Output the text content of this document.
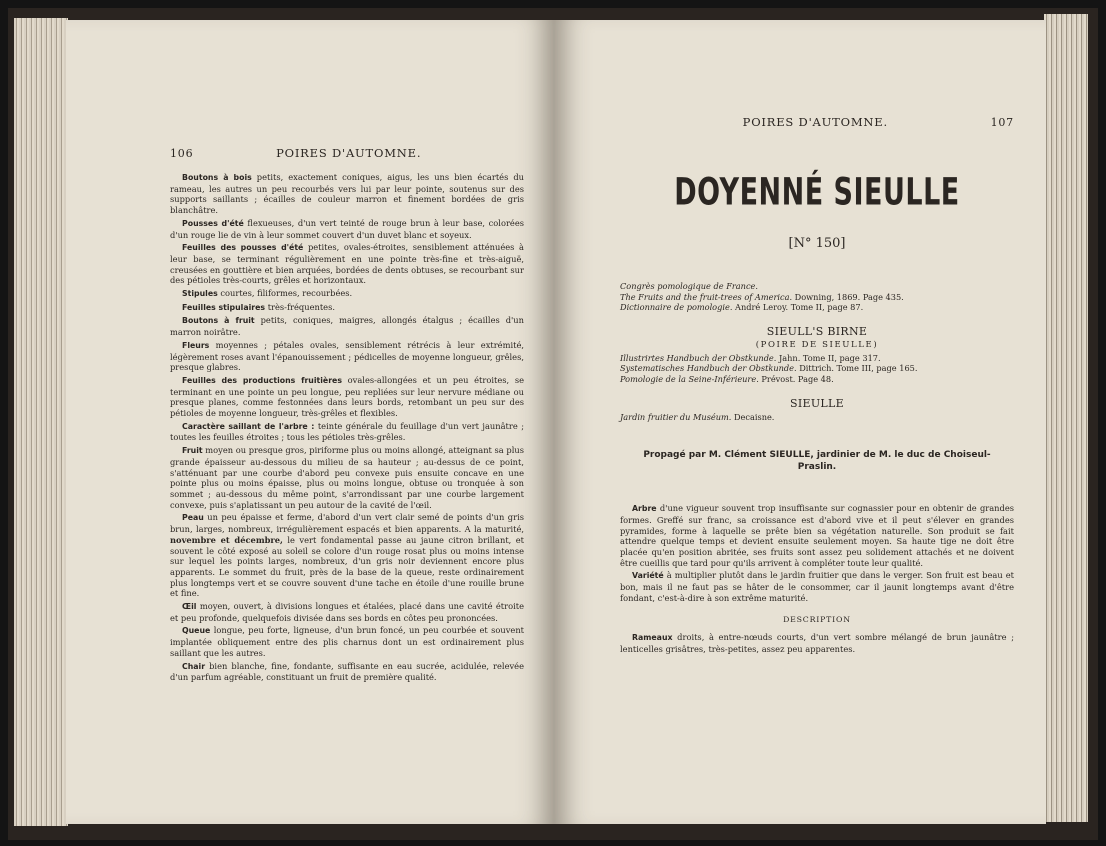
106	POIRES D'AUTOMNE.

Boutons à bois petits, exactement coniques, aigus, les uns bien écartés du rameau, les autres un peu recourbés vers lui par leur pointe, soutenus sur des supports saillants ; écailles de couleur marron et finement bordées de gris blanchâtre.

Pousses d'été flexueuses, d'un vert teinté de rouge brun à leur base, colorées d'un rouge lie de vin à leur sommet couvert d'un duvet blanc et soyeux.

Feuilles des pousses d'été petites, ovales-étroites, sensiblement atténuées à leur base, se terminant régulièrement en une pointe très-fine et très-aiguë, creusées en gouttière et bien arquées, bordées de dents obtuses, se recourbant sur des pétioles très-courts, grêles et horizontaux.

Stipules courtes, filiformes, recourbées.

Feuilles stipulaires très-fréquentes.

Boutons à fruit petits, coniques, maigres, allongés étalgus ; écailles d'un marron noirâtre.

Fleurs moyennes ; pétales ovales, sensiblement rétrécis à leur extrémité, légèrement roses avant l'épanouissement ; pédicelles de moyenne longueur, grêles, presque glabres.

Feuilles des productions fruitières ovales-allongées et un peu étroites, se terminant en une pointe un peu longue, peu repliées sur leur nervure médiane ou presque planes, comme festonnées dans leurs bords, retombant un peu sur des pétioles de moyenne longueur, très-grêles et flexibles.

Caractère saillant de l'arbre : teinte générale du feuillage d'un vert jaunâtre ; toutes les feuilles étroites ; tous les pétioles très-grêles.

Fruit moyen ou presque gros, piriforme plus ou moins allongé, atteignant sa plus grande épaisseur au-dessous du milieu de sa hauteur ; au-dessus de ce point, s'atténuant par une courbe d'abord peu convexe puis ensuite concave en une pointe plus ou moins épaisse, plus ou moins longue, obtuse ou tronquée à son sommet ; au-dessous du même point, s'arrondissant par une courbe largement convexe, puis s'aplatissant un peu autour de la cavité de l'œil.

Peau un peu épaisse et ferme, d'abord d'un vert clair semé de points d'un gris brun, larges, nombreux, irrégulièrement espacés et bien apparents. A la maturité, novembre et décembre, le vert fondamental passe au jaune citron brillant, et souvent le côté exposé au soleil se colore d'un rouge rosat plus ou moins intense sur lequel les points larges, nombreux, d'un gris noir deviennent encore plus apparents. Le sommet du fruit, près de la base de la queue, reste ordinairement plus longtemps vert et se couvre souvent d'une tache en étoile d'une rouille brune et fine.

Œil moyen, ouvert, à divisions longues et étalées, placé dans une cavité étroite et peu profonde, quelquefois divisée dans ses bords en côtes peu prononcées.

Queue longue, peu forte, ligneuse, d'un brun foncé, un peu courbée et souvent implantée obliquement entre des plis charnus dont un est ordinairement plus saillant que les autres.

Chair bien blanche, fine, fondante, suffisante en eau sucrée, acidulée, relevée d'un parfum agréable, constituant un fruit de première qualité.

POIRES D'AUTOMNE.	107
DOYENNÉ SIEULLE
[N° 150]

Congrès pomologique de France.

The Fruits and the fruit-trees of America. Downing, 1869. Page 435.

Dictionnaire de pomologie. André Leroy. Tome II, page 87.

SIEULL'S BIRNE
(POIRE DE SIEULLE)

Illustrirtes Handbuch der Obstkunde. Jahn. Tome II, page 317.

Systematisches Handbuch der Obstkunde. Dittrich. Tome III, page 165.

Pomologie de la Seine-Inférieure. Prévost. Page 48.

SIEULLE

Jardin fruitier du Muséum. Decaisne.

Propagé par M. Clément SIEULLE, jardinier de M. le duc de Choiseul-Praslin.

Arbre d'une vigueur souvent trop insuffisante sur cognassier pour en obtenir de grandes formes. Greffé sur franc, sa croissance est d'abord vive et il peut s'élever en grandes pyramides, forme à laquelle se prête bien sa végétation naturelle. Son produit se fait attendre quelque temps et devient ensuite seulement moyen. Sa haute tige ne doit être placée qu'en position abritée, ses fruits sont assez peu solidement attachés et ne doivent être cueillis que tard pour qu'ils arrivent à compléter toute leur qualité.

Variété à multiplier plutôt dans le jardin fruitier que dans le verger. Son fruit est beau et bon, mais il ne faut pas se hâter de le consommer, car il jaunit longtemps avant d'être fondant, c'est-à-dire à son extrême maturité.

DESCRIPTION

Rameaux droits, à entre-nœuds courts, d'un vert sombre mélangé de brun jaunâtre ; lenticelles grisâtres, très-petites, assez peu apparentes.
